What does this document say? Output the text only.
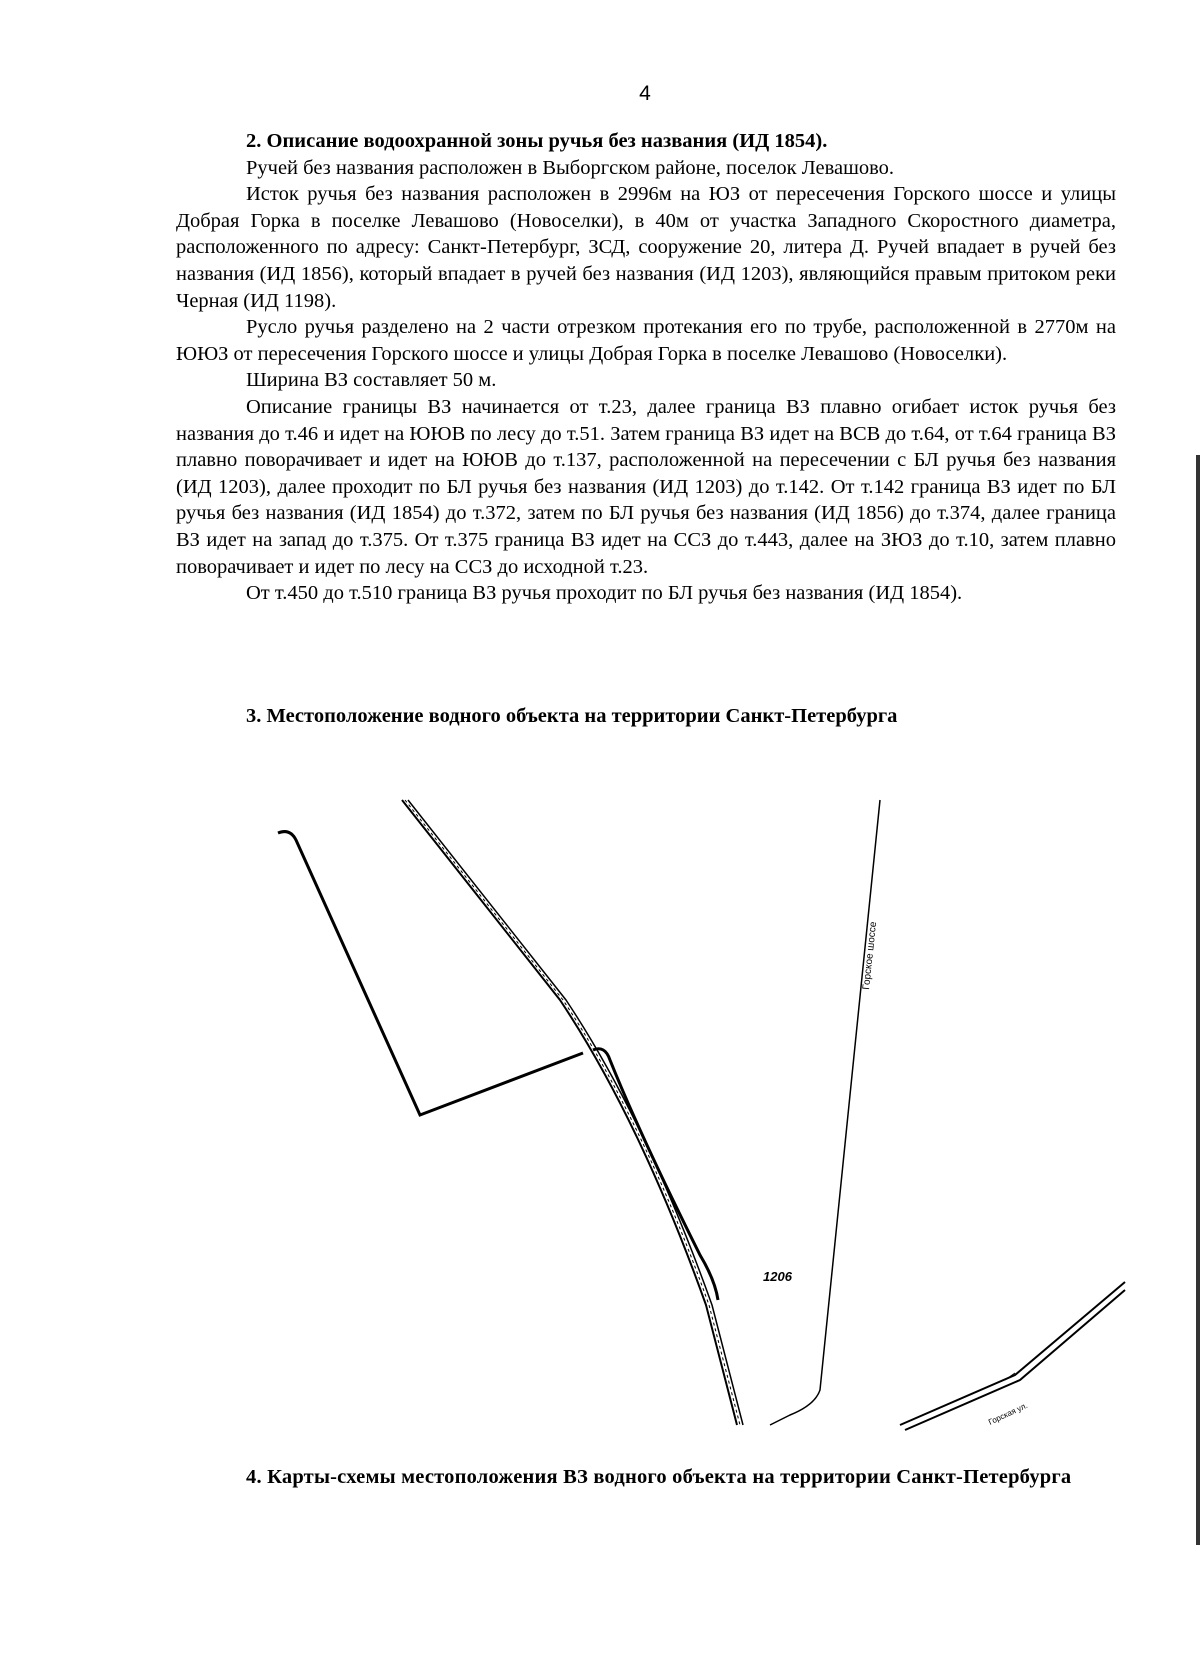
4

2. Описание водоохранной зоны ручья без названия (ИД 1854).

Ручей без названия расположен в Выборгском районе, поселок Левашово.

Исток ручья без названия расположен в 2996м на ЮЗ от пересечения Горского шоссе и улицы Добрая Горка в поселке Левашово (Новоселки), в 40м от участка Западного Скоростного диаметра, расположенного по адресу: Санкт-Петербург, ЗСД, сооружение 20, литера Д. Ручей впадает в ручей без названия (ИД 1856), который впадает в ручей без названия (ИД 1203), являющийся правым притоком реки Черная (ИД 1198).

Русло ручья разделено на 2 части отрезком протекания его по трубе, расположенной в 2770м на ЮЮЗ от пересечения Горского шоссе и улицы Добрая Горка в поселке Левашово (Новоселки).

Ширина ВЗ составляет 50 м.

Описание границы ВЗ начинается от т.23, далее граница ВЗ плавно огибает исток ручья без названия до т.46 и идет на ЮЮВ по лесу до т.51. Затем граница ВЗ идет на ВСВ до т.64, от т.64 граница ВЗ плавно поворачивает и идет на ЮЮВ до т.137, расположенной на пересечении с БЛ ручья без названия (ИД 1203), далее проходит по БЛ ручья без названия (ИД 1203) до т.142. От т.142 граница ВЗ идет по БЛ ручья без названия (ИД 1854) до т.372, затем по БЛ ручья без названия (ИД 1856) до т.374, далее граница ВЗ идет на запад до т.375. От т.375 граница ВЗ идет на ССЗ до т.443, далее на ЗЮЗ до т.10, затем плавно поворачивает и идет по лесу на ССЗ до исходной т.23.

От т.450 до т.510 граница ВЗ ручья проходит по БЛ ручья без названия (ИД 1854).

3. Местоположение водного объекта на территории Санкт-Петербурга
Горское шоссе
1206
Горская ул.
4. Карты-схемы местоположения ВЗ водного объекта на территории Санкт-Петербурга
